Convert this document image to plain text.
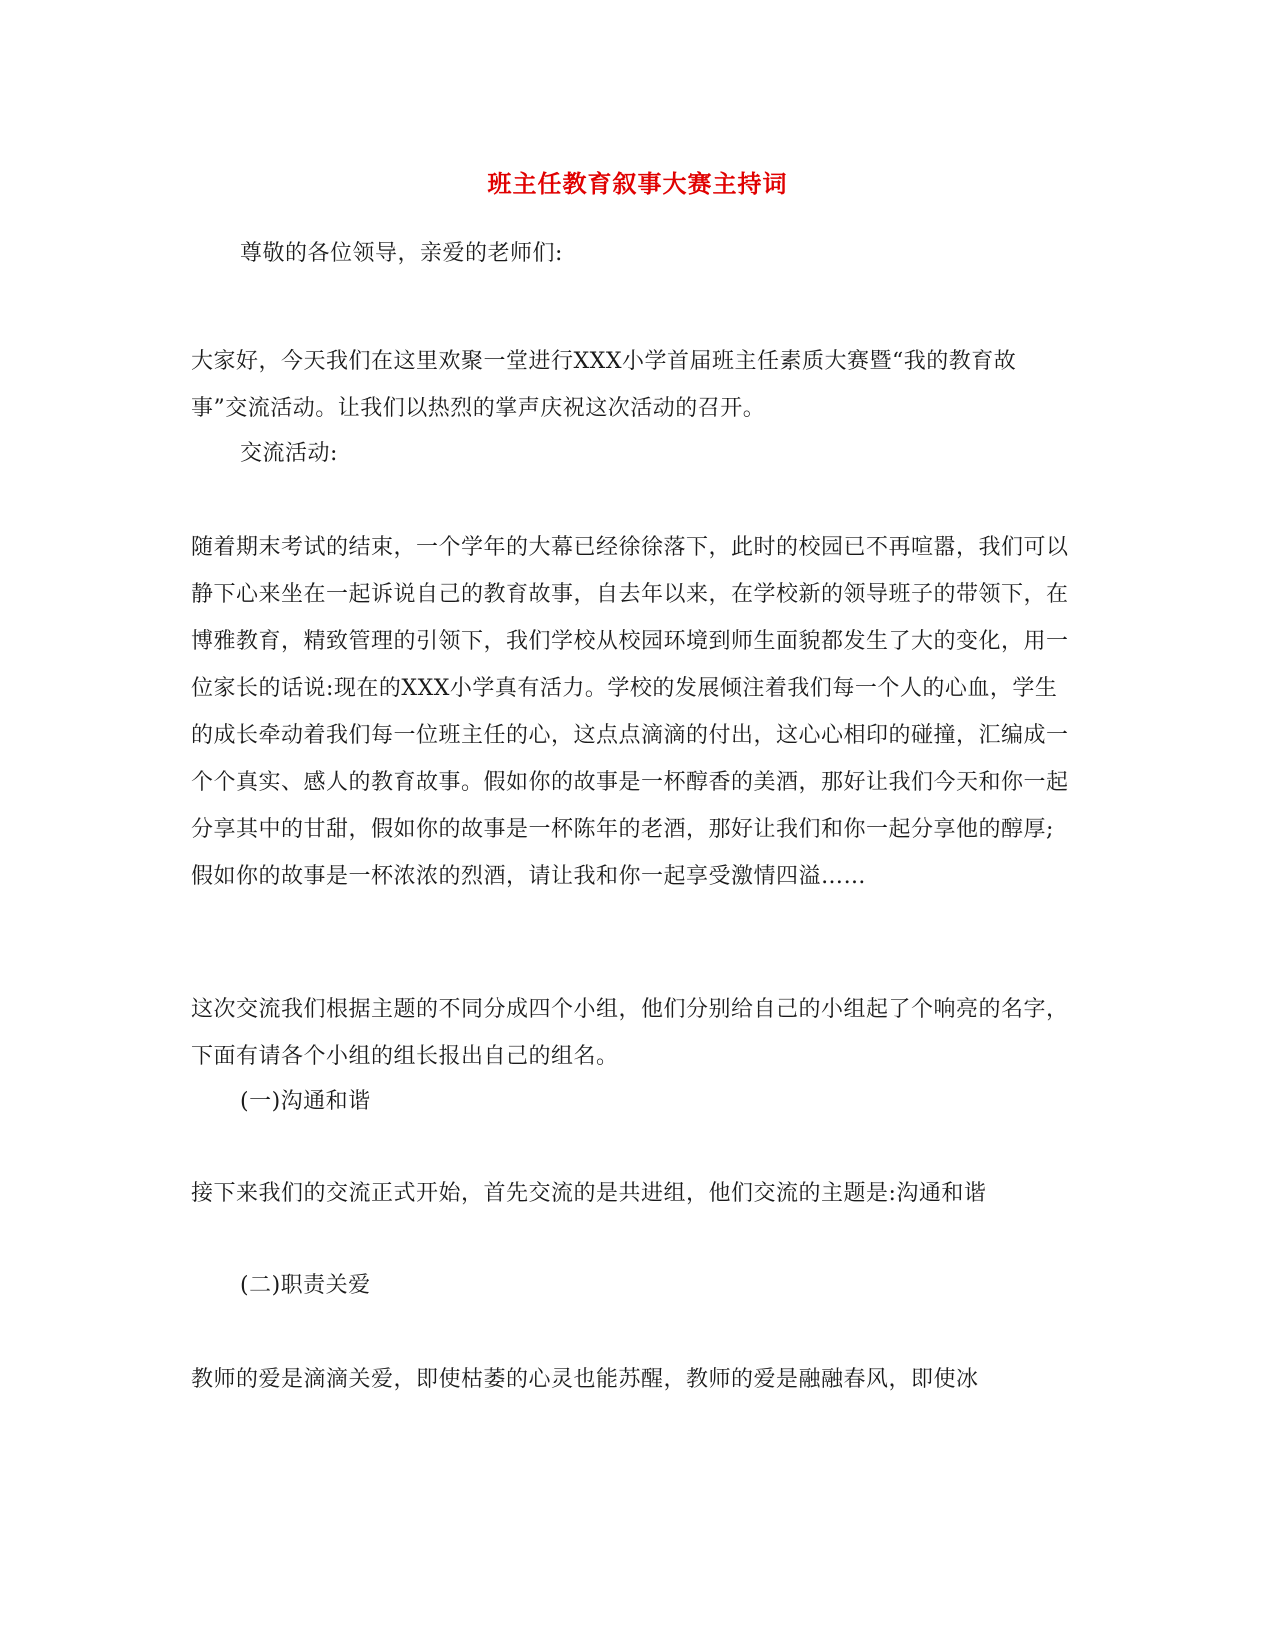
班主任教育叙事大赛主持词

尊敬的各位领导，亲爱的老师们:

大家好，今天我们在这里欢聚一堂进行XXX小学首届班主任素质大赛暨“我的教育故事”交流活动。让我们以热烈的掌声庆祝这次活动的召开。

交流活动:

随着期末考试的结束，一个学年的大幕已经徐徐落下，此时的校园已不再喧嚣，我们可以静下心来坐在一起诉说自己的教育故事，自去年以来，在学校新的领导班子的带领下，在博雅教育，精致管理的引领下，我们学校从校园环境到师生面貌都发生了大的变化，用一位家长的话说:现在的XXX小学真有活力。学校的发展倾注着我们每一个人的心血，学生的成长牵动着我们每一位班主任的心，这点点滴滴的付出，这心心相印的碰撞，汇编成一个个真实、感人的教育故事。假如你的故事是一杯醇香的美酒，那好让我们今天和你一起分享其中的甘甜，假如你的故事是一杯陈年的老酒，那好让我们和你一起分享他的醇厚;假如你的故事是一杯浓浓的烈酒，请让我和你一起享受激情四溢……

这次交流我们根据主题的不同分成四个小组，他们分别给自己的小组起了个响亮的名字，下面有请各个小组的组长报出自己的组名。

(一)沟通和谐

接下来我们的交流正式开始，首先交流的是共进组，他们交流的主题是:沟通和谐

(二)职责关爱

教师的爱是滴滴关爱，即使枯萎的心灵也能苏醒，教师的爱是融融春风，即使冰
